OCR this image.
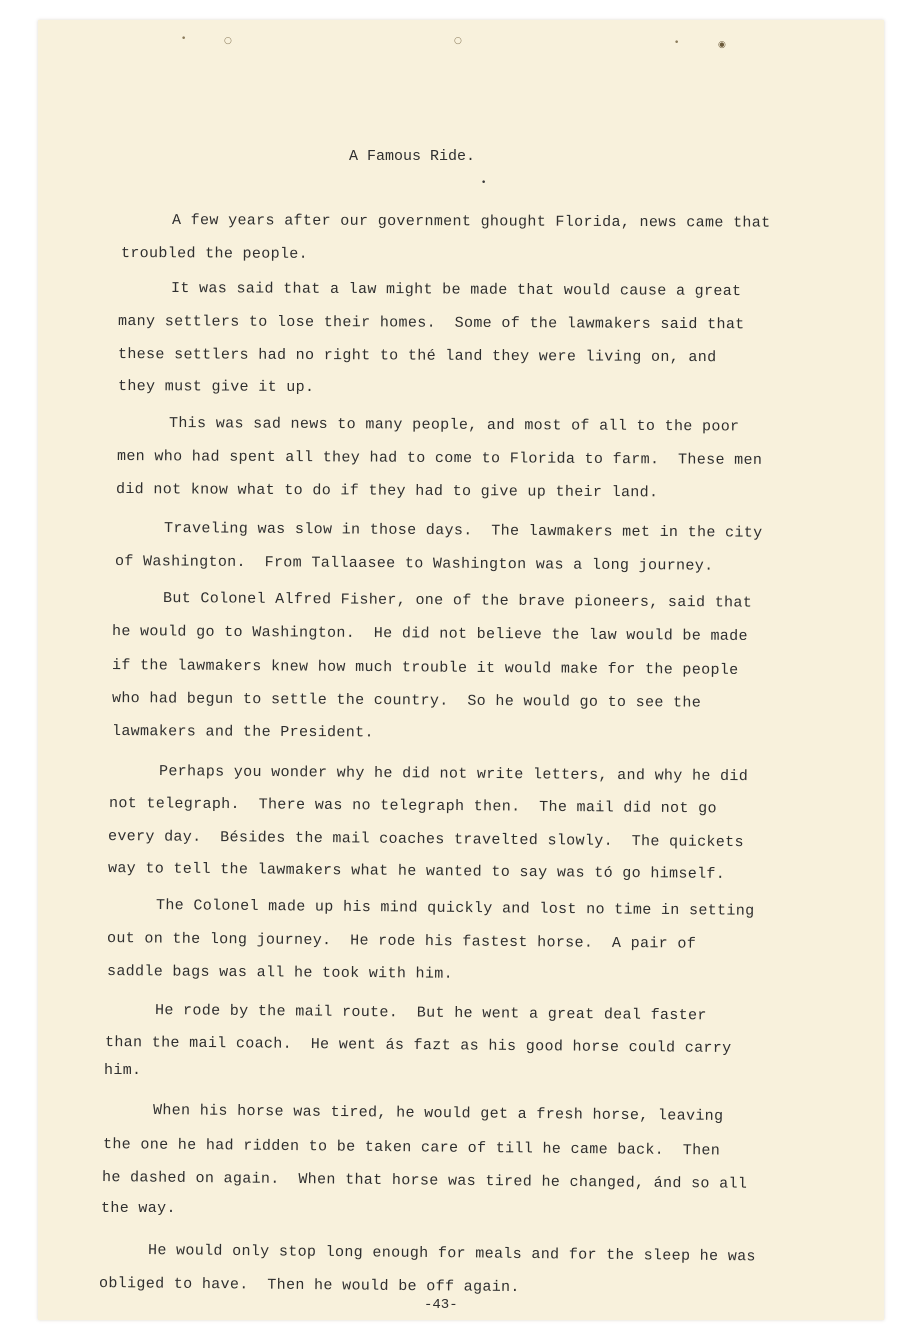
•	○	○	•	◉
•
A Famous Ride.
A few years after our government ghought Florida, news came that
troubled the people.
It was said that a law might be made that would cause a great
many settlers to lose their homes.  Some of the lawmakers said that
these settlers had no right to thé land they were living on, and
they must give it up.
This was sad news to many people, and most of all to the poor
men who had spent all they had to come to Florida to farm.  These men
did not know what to do if they had to give up their land.
Traveling was slow in those days.  The lawmakers met in the city
of Washington.  From Tallaasee to Washington was a long journey.
But Colonel Alfred Fisher, one of the brave pioneers, said that
he would go to Washington.  He did not believe the law would be made
if the lawmakers knew how much trouble it would make for the people
who had begun to settle the country.  So he would go to see the
lawmakers and the President.
Perhaps you wonder why he did not write letters, and why he did
not telegraph.  There was no telegraph then.  The mail did not go
every day.  Bésides the mail coaches travelted slowly.  The quickets
way to tell the lawmakers what he wanted to say was tó go himself.
The Colonel made up his mind quickly and lost no time in setting
out on the long journey.  He rode his fastest horse.  A pair of
saddle bags was all he took with him.
He rode by the mail route.  But he went a great deal faster
than the mail coach.  He went ás fazt as his good horse could carry
him.
When his horse was tired, he would get a fresh horse, leaving
the one he had ridden to be taken care of till he came back.  Then
he dashed on again.  When that horse was tired he changed, ánd so all
the way.
He would only stop long enough for meals and for the sleep he was
obliged to have.  Then he would be off again.
-43-
